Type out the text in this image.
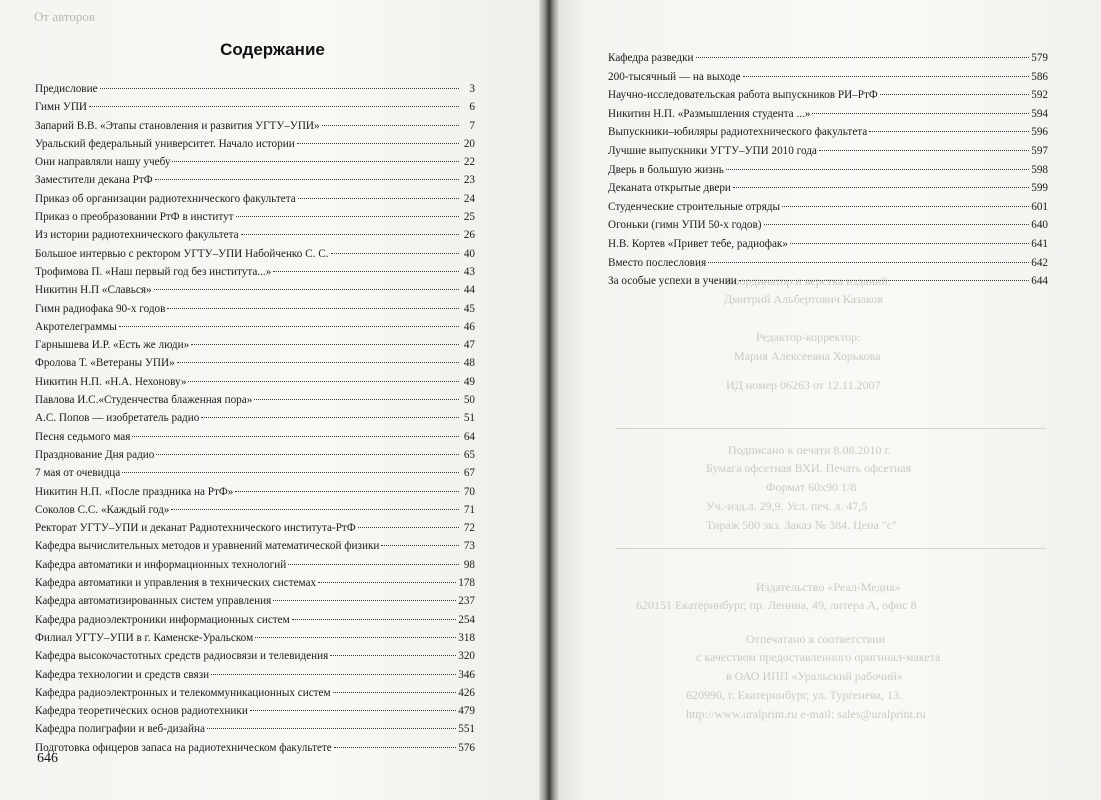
От авторов
Содержание
Предисловие	3
Гимн УПИ	6
Запарий В.В. «Этапы становления и развития УГТУ–УПИ»	7
Уральский федеральный университет. Начало истории	20
Они направляли нашу учебу	22
Заместители декана РтФ	23
Приказ об организации радиотехнического факультета	24
Приказ о преобразовании РтФ в институт	25
Из истории радиотехнического факультета	26
Большое интервью с ректором УГТУ–УПИ Набойченко С. С.	40
Трофимова П. «Наш первый год без института...»	43
Никитин Н.П «Славься»	44
Гимн радиофака 90-х годов	45
Акротелеграммы	46
Гарнышева И.Р. «Есть же люди»	47
Фролова Т. «Ветераны УПИ»	48
Никитин Н.П. «Н.А. Нехонову»	49
Павлова И.С.«Студенчества блаженная пора»	50
А.С. Попов — изобретатель радио	51
Песня седьмого мая	64
Празднование Дня радио	65
7 мая от очевидца	67
Никитин Н.П. «После праздника на РтФ»	70
Соколов С.С. «Каждый год»	71
Ректорат УГТУ–УПИ и деканат Радиотехнического института-РтФ	72
Кафедра вычислительных методов и уравнений математической физики	73
Кафедра автоматики и информационных технологий	98
Кафедра автоматики и управления в технических системах	178
Кафедра автоматизированных систем управления	237
Кафедра радиоэлектроники информационных систем	254
Филиал УГТУ–УПИ в г. Каменске-Уральском	318
Кафедра высокочастотных средств радиосвязи и телевидения	320
Кафедра технологии и средств связи	346
Кафедра радиоэлектронных и телекоммуникационных систем	426
Кафедра теоретических основ радиотехники	479
Кафедра полиграфии и веб-дизайна	551
Подготовка офицеров запаса на радиотехническом факультете	576
646
Координатор и верстка изданий:
Дмитрий Альбертович Казаков
Редактор-корректор:
Мария Алексеевна Хорькова
ИД номер 06263 от 12.11.2007
Подписано к печати 8.08.2010 г.
Бумага офсетная ВХИ. Печать офсетная
Формат 60х90 1/8
Уч.-изд.л. 29,9. Усл. печ. л. 47,5
Тираж 500 экз. Заказ № 384. Цена "с"
Издательство «Реал-Медиа»
620151 Екатеринбург, пр. Ленина, 49, литера А, офис 8
Отпечатано в соответствии
с качеством предоставленного оригинал-макета
в ОАО ИПП «Уральский рабочий»
620990, г. Екатеринбург, ул. Тургенева, 13.
http://www.uralprint.ru e-mail: sales@uralprint.ru
Кафедра разведки	579
200-тысячный — на выходе	586
Научно-исследовательская работа выпускников РИ–РтФ	592
Никитин Н.П. «Размышления студента ...»	594
Выпускники–юбиляры радиотехнического факультета	596
Лучшие выпускники УГТУ–УПИ 2010 года	597
Дверь в большую жизнь	598
Деканата открытые двери	599
Студенческие строительные отряды	601
Огоньки (гимн УПИ 50-х годов)	640
Н.В. Кортев «Привет тебе, радиофак»	641
Вместо послесловия	642
За особые успехи в учении	644
